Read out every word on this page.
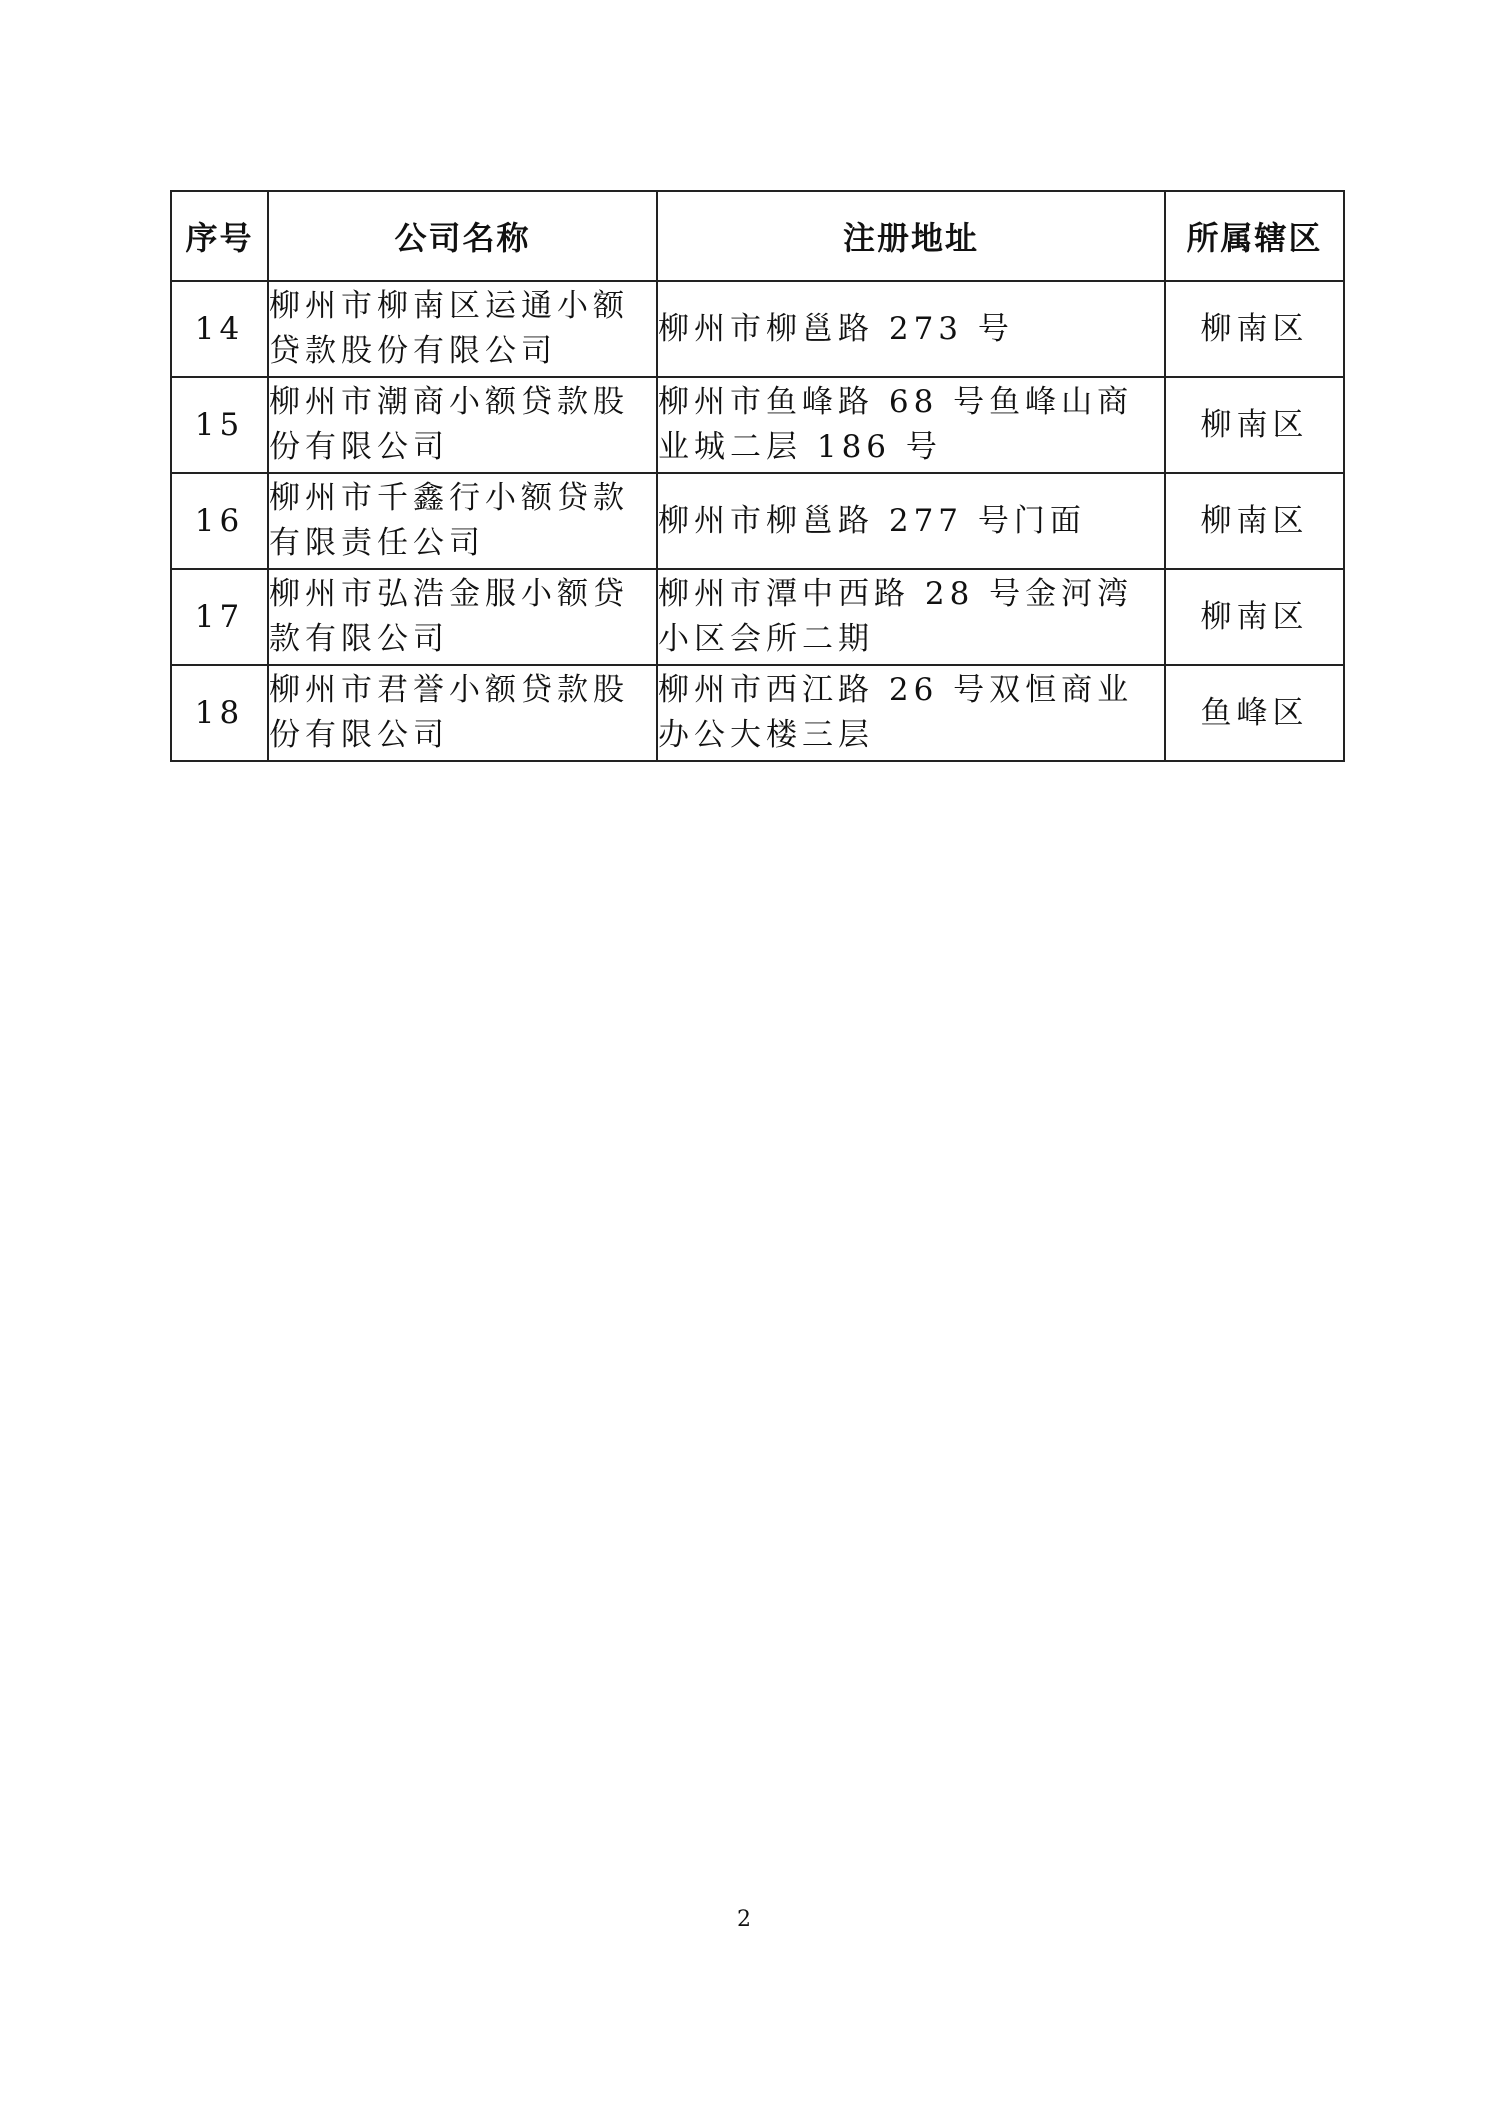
序号	公司名称	注册地址	所属辖区
14	柳州市柳南区运通小额贷款股份有限公司	柳州市柳邕路 273 号	柳南区
15	柳州市潮商小额贷款股份有限公司	柳州市鱼峰路 68 号鱼峰山商业城二层 186 号	柳南区
16	柳州市千鑫行小额贷款有限责任公司	柳州市柳邕路 277 号门面	柳南区
17	柳州市弘浩金服小额贷款有限公司	柳州市潭中西路 28 号金河湾小区会所二期	柳南区
18	柳州市君誉小额贷款股份有限公司	柳州市西江路 26 号双恒商业办公大楼三层	鱼峰区
2
